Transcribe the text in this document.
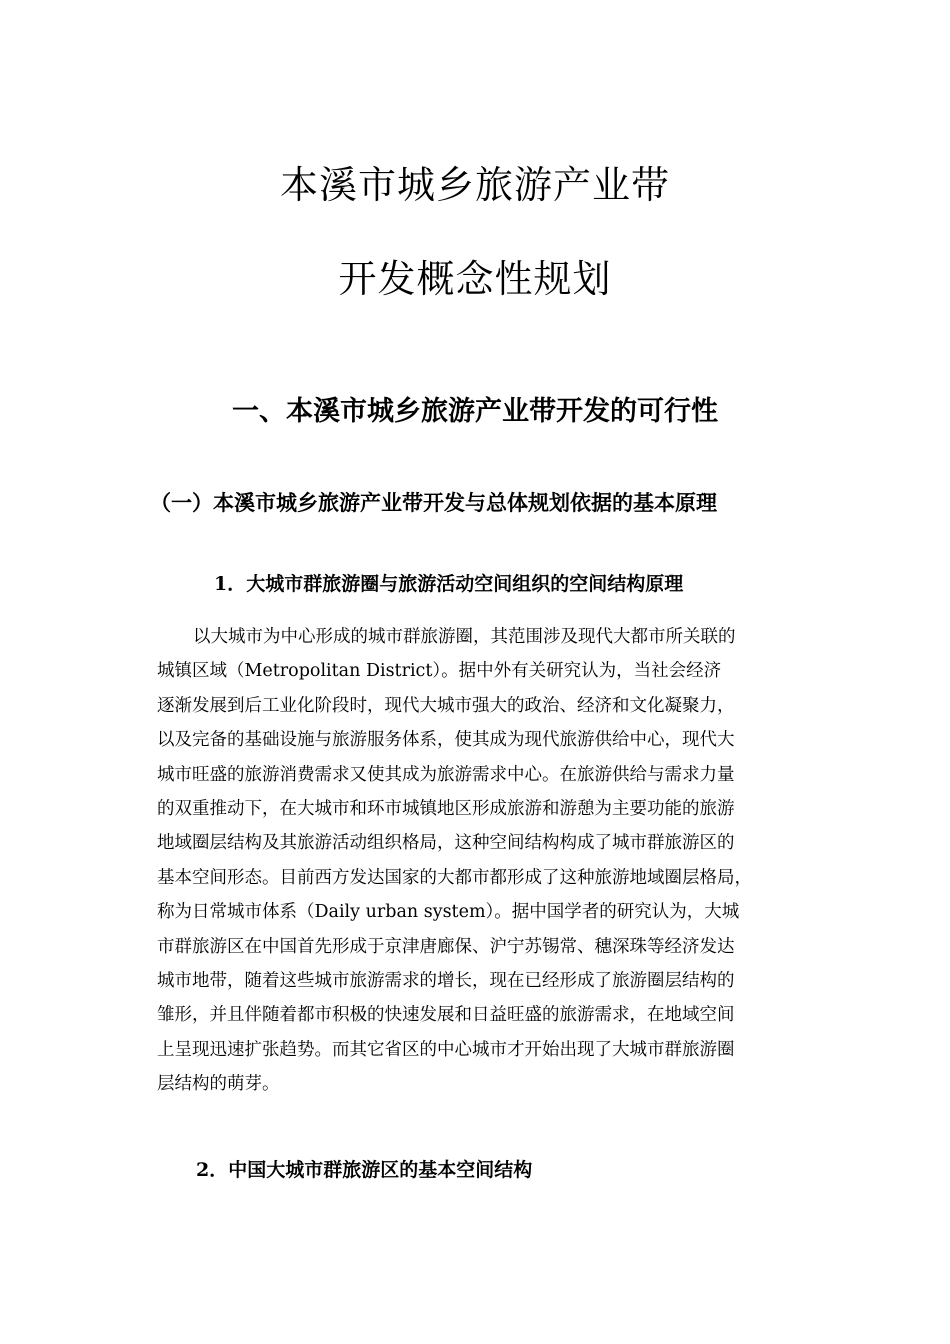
本溪市城乡旅游产业带
开发概念性规划
一、本溪市城乡旅游产业带开发的可行性
（一）本溪市城乡旅游产业带开发与总体规划依据的基本原理
1．大城市群旅游圈与旅游活动空间组织的空间结构原理
以大城市为中心形成的城市群旅游圈，其范围涉及现代大都市所关联的
城镇区域（Metropolitan District）。据中外有关研究认为，当社会经济
逐渐发展到后工业化阶段时，现代大城市强大的政治、经济和文化凝聚力，
以及完备的基础设施与旅游服务体系，使其成为现代旅游供给中心，现代大
城市旺盛的旅游消费需求又使其成为旅游需求中心。在旅游供给与需求力量
的双重推动下，在大城市和环市城镇地区形成旅游和游憩为主要功能的旅游
地域圈层结构及其旅游活动组织格局，这种空间结构构成了城市群旅游区的
基本空间形态。目前西方发达国家的大都市都形成了这种旅游地域圈层格局，
称为日常城市体系（Daily urban system）。据中国学者的研究认为，大城
市群旅游区在中国首先形成于京津唐廊保、沪宁苏锡常、穗深珠等经济发达
城市地带，随着这些城市旅游需求的增长，现在已经形成了旅游圈层结构的
雏形，并且伴随着都市积极的快速发展和日益旺盛的旅游需求，在地域空间
上呈现迅速扩张趋势。而其它省区的中心城市才开始出现了大城市群旅游圈
层结构的萌芽。
2．中国大城市群旅游区的基本空间结构
